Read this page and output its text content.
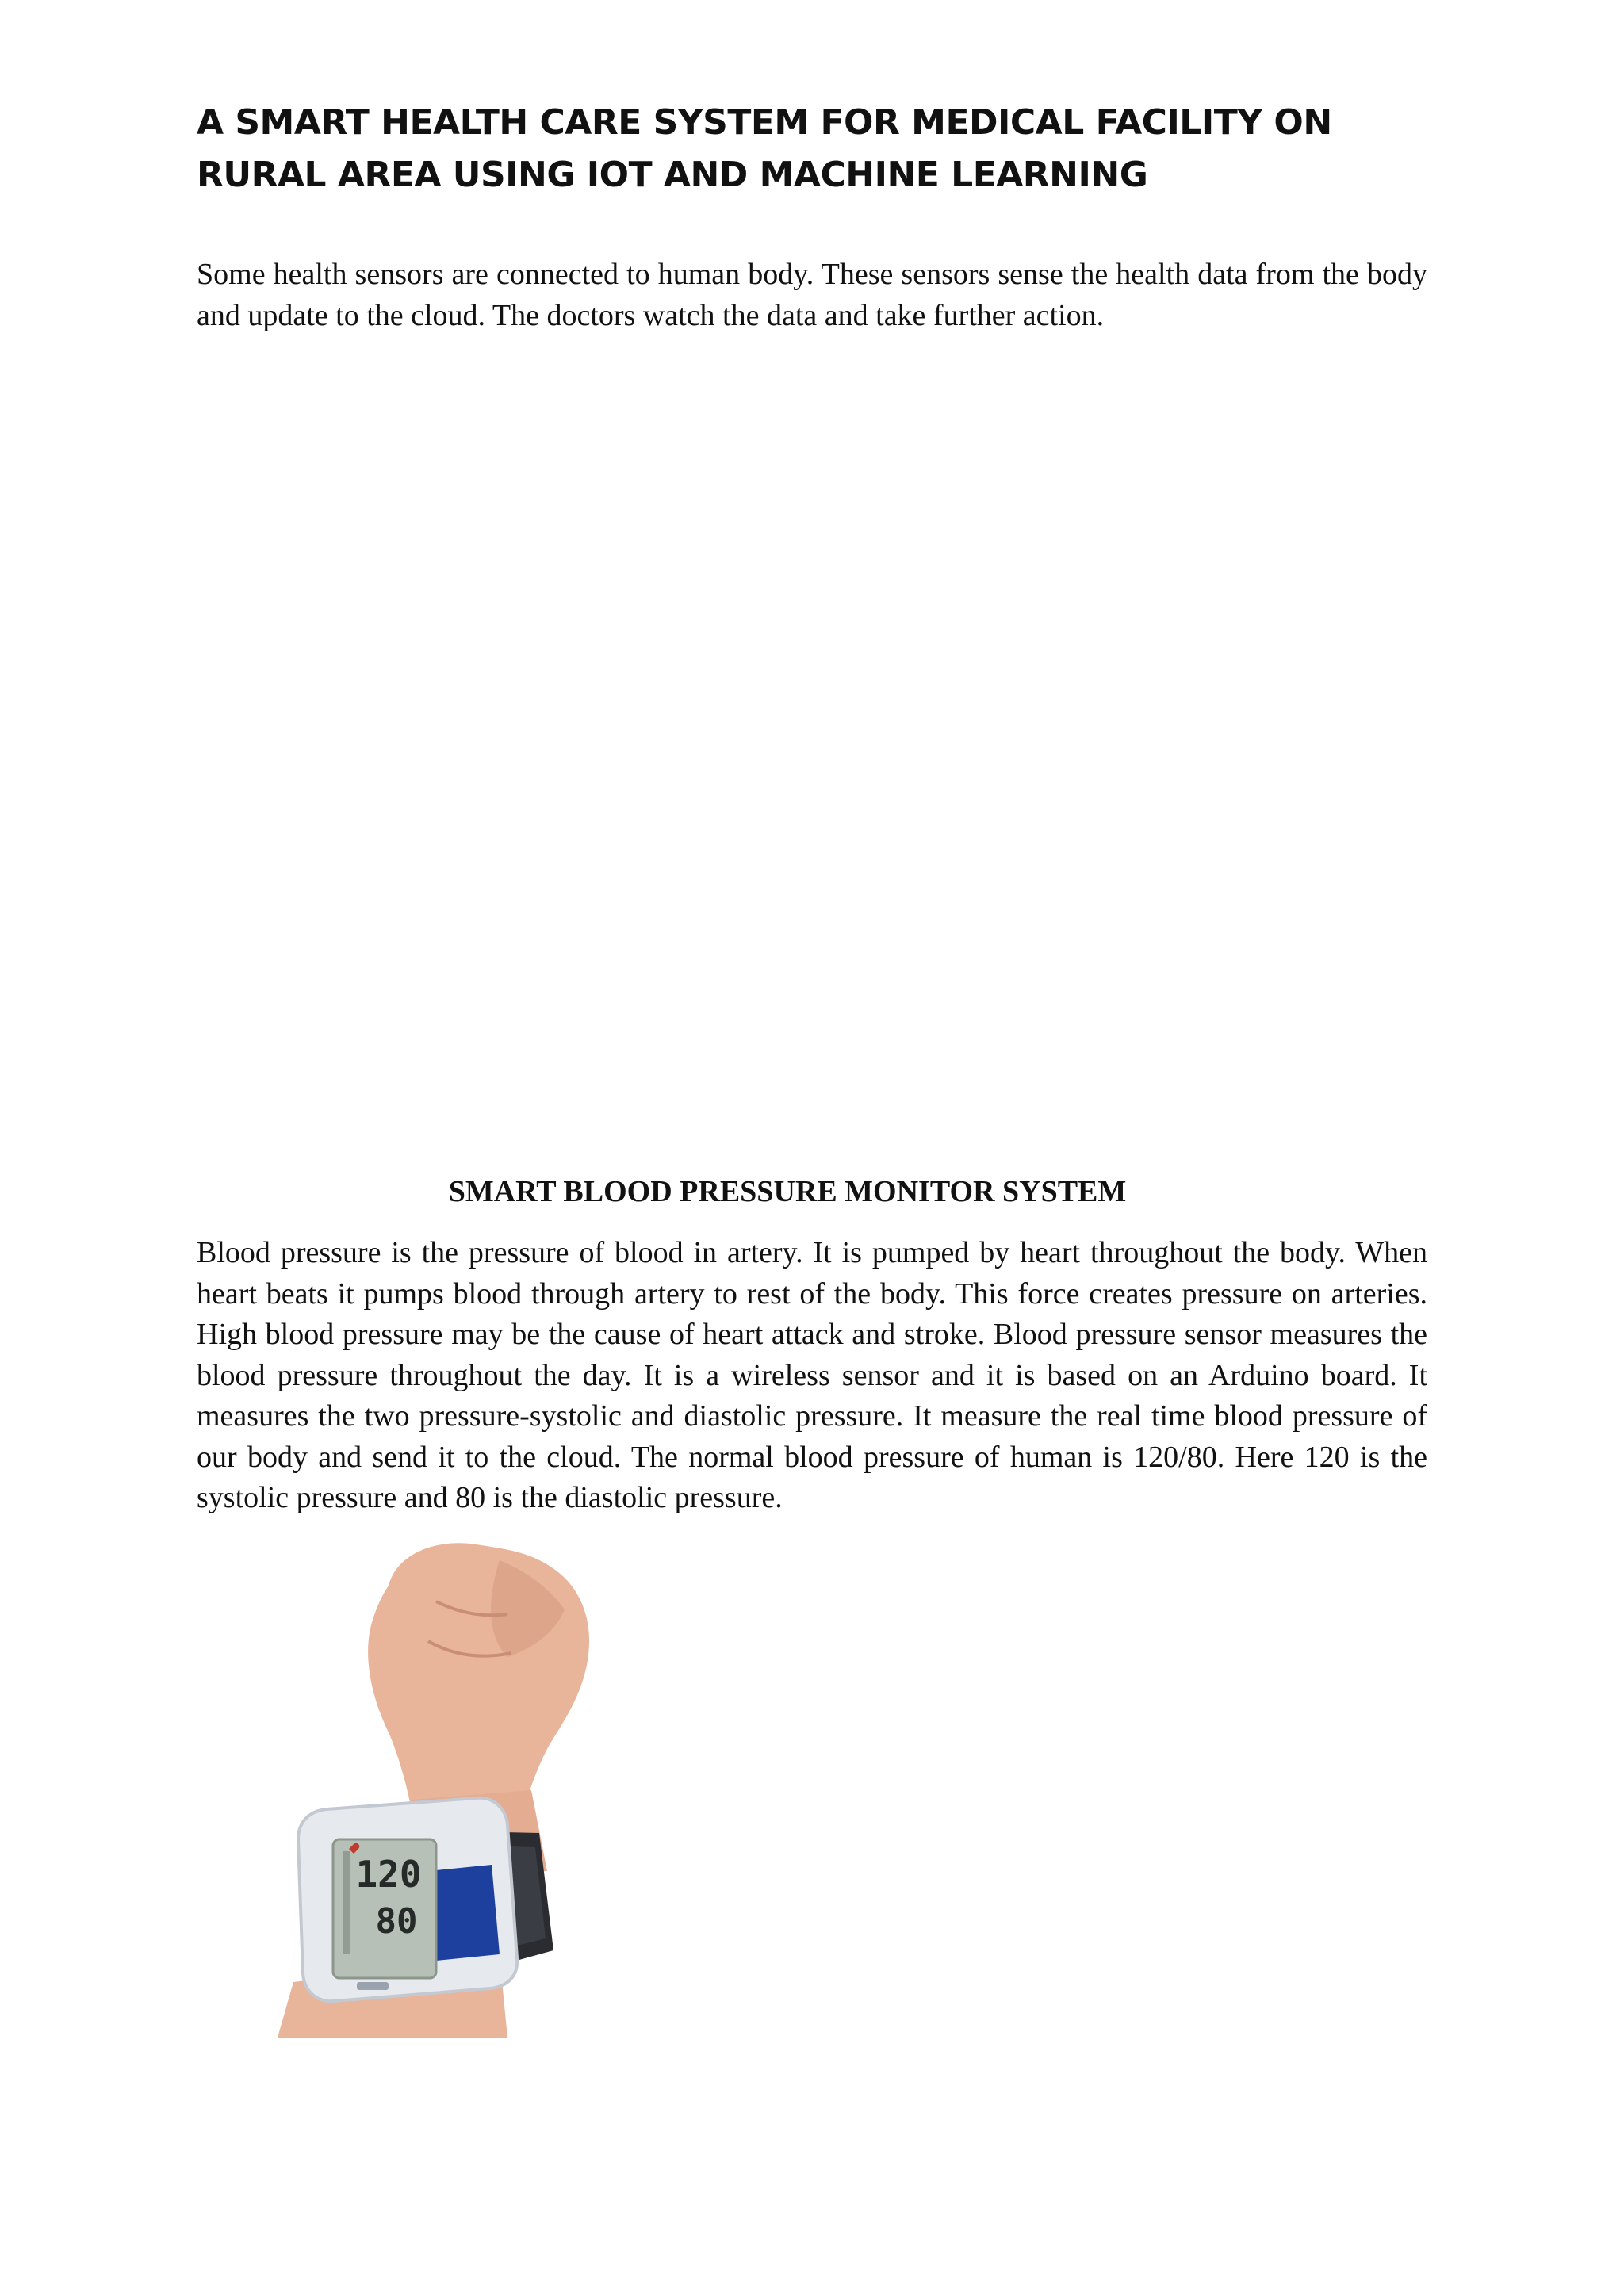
A SMART HEALTH CARE SYSTEM FOR MEDICAL FACILITY ON RURAL AREA USING IOT AND MACHINE LEARNING

Some health sensors are connected to human body. These sensors sense the health data from the body and update to the cloud. The doctors watch the data and take further action.

SMART BLOOD PRESSURE MONITOR SYSTEM

Blood pressure is the pressure of blood in artery. It is pumped by heart throughout the body. When heart beats it pumps blood through artery to rest of the body. This force creates pressure on arteries. High blood pressure may be the cause of heart attack and stroke. Blood pressure sensor measures the blood pressure throughout the day. It is a wireless sensor and it is based on an Arduino board. It measures the two pressure-systolic and diastolic pressure. It measure the real time blood pressure of our body and send it to the cloud. The normal blood pressure of human is 120/80. Here 120 is the systolic pressure and 80 is the diastolic pressure.

120
80
